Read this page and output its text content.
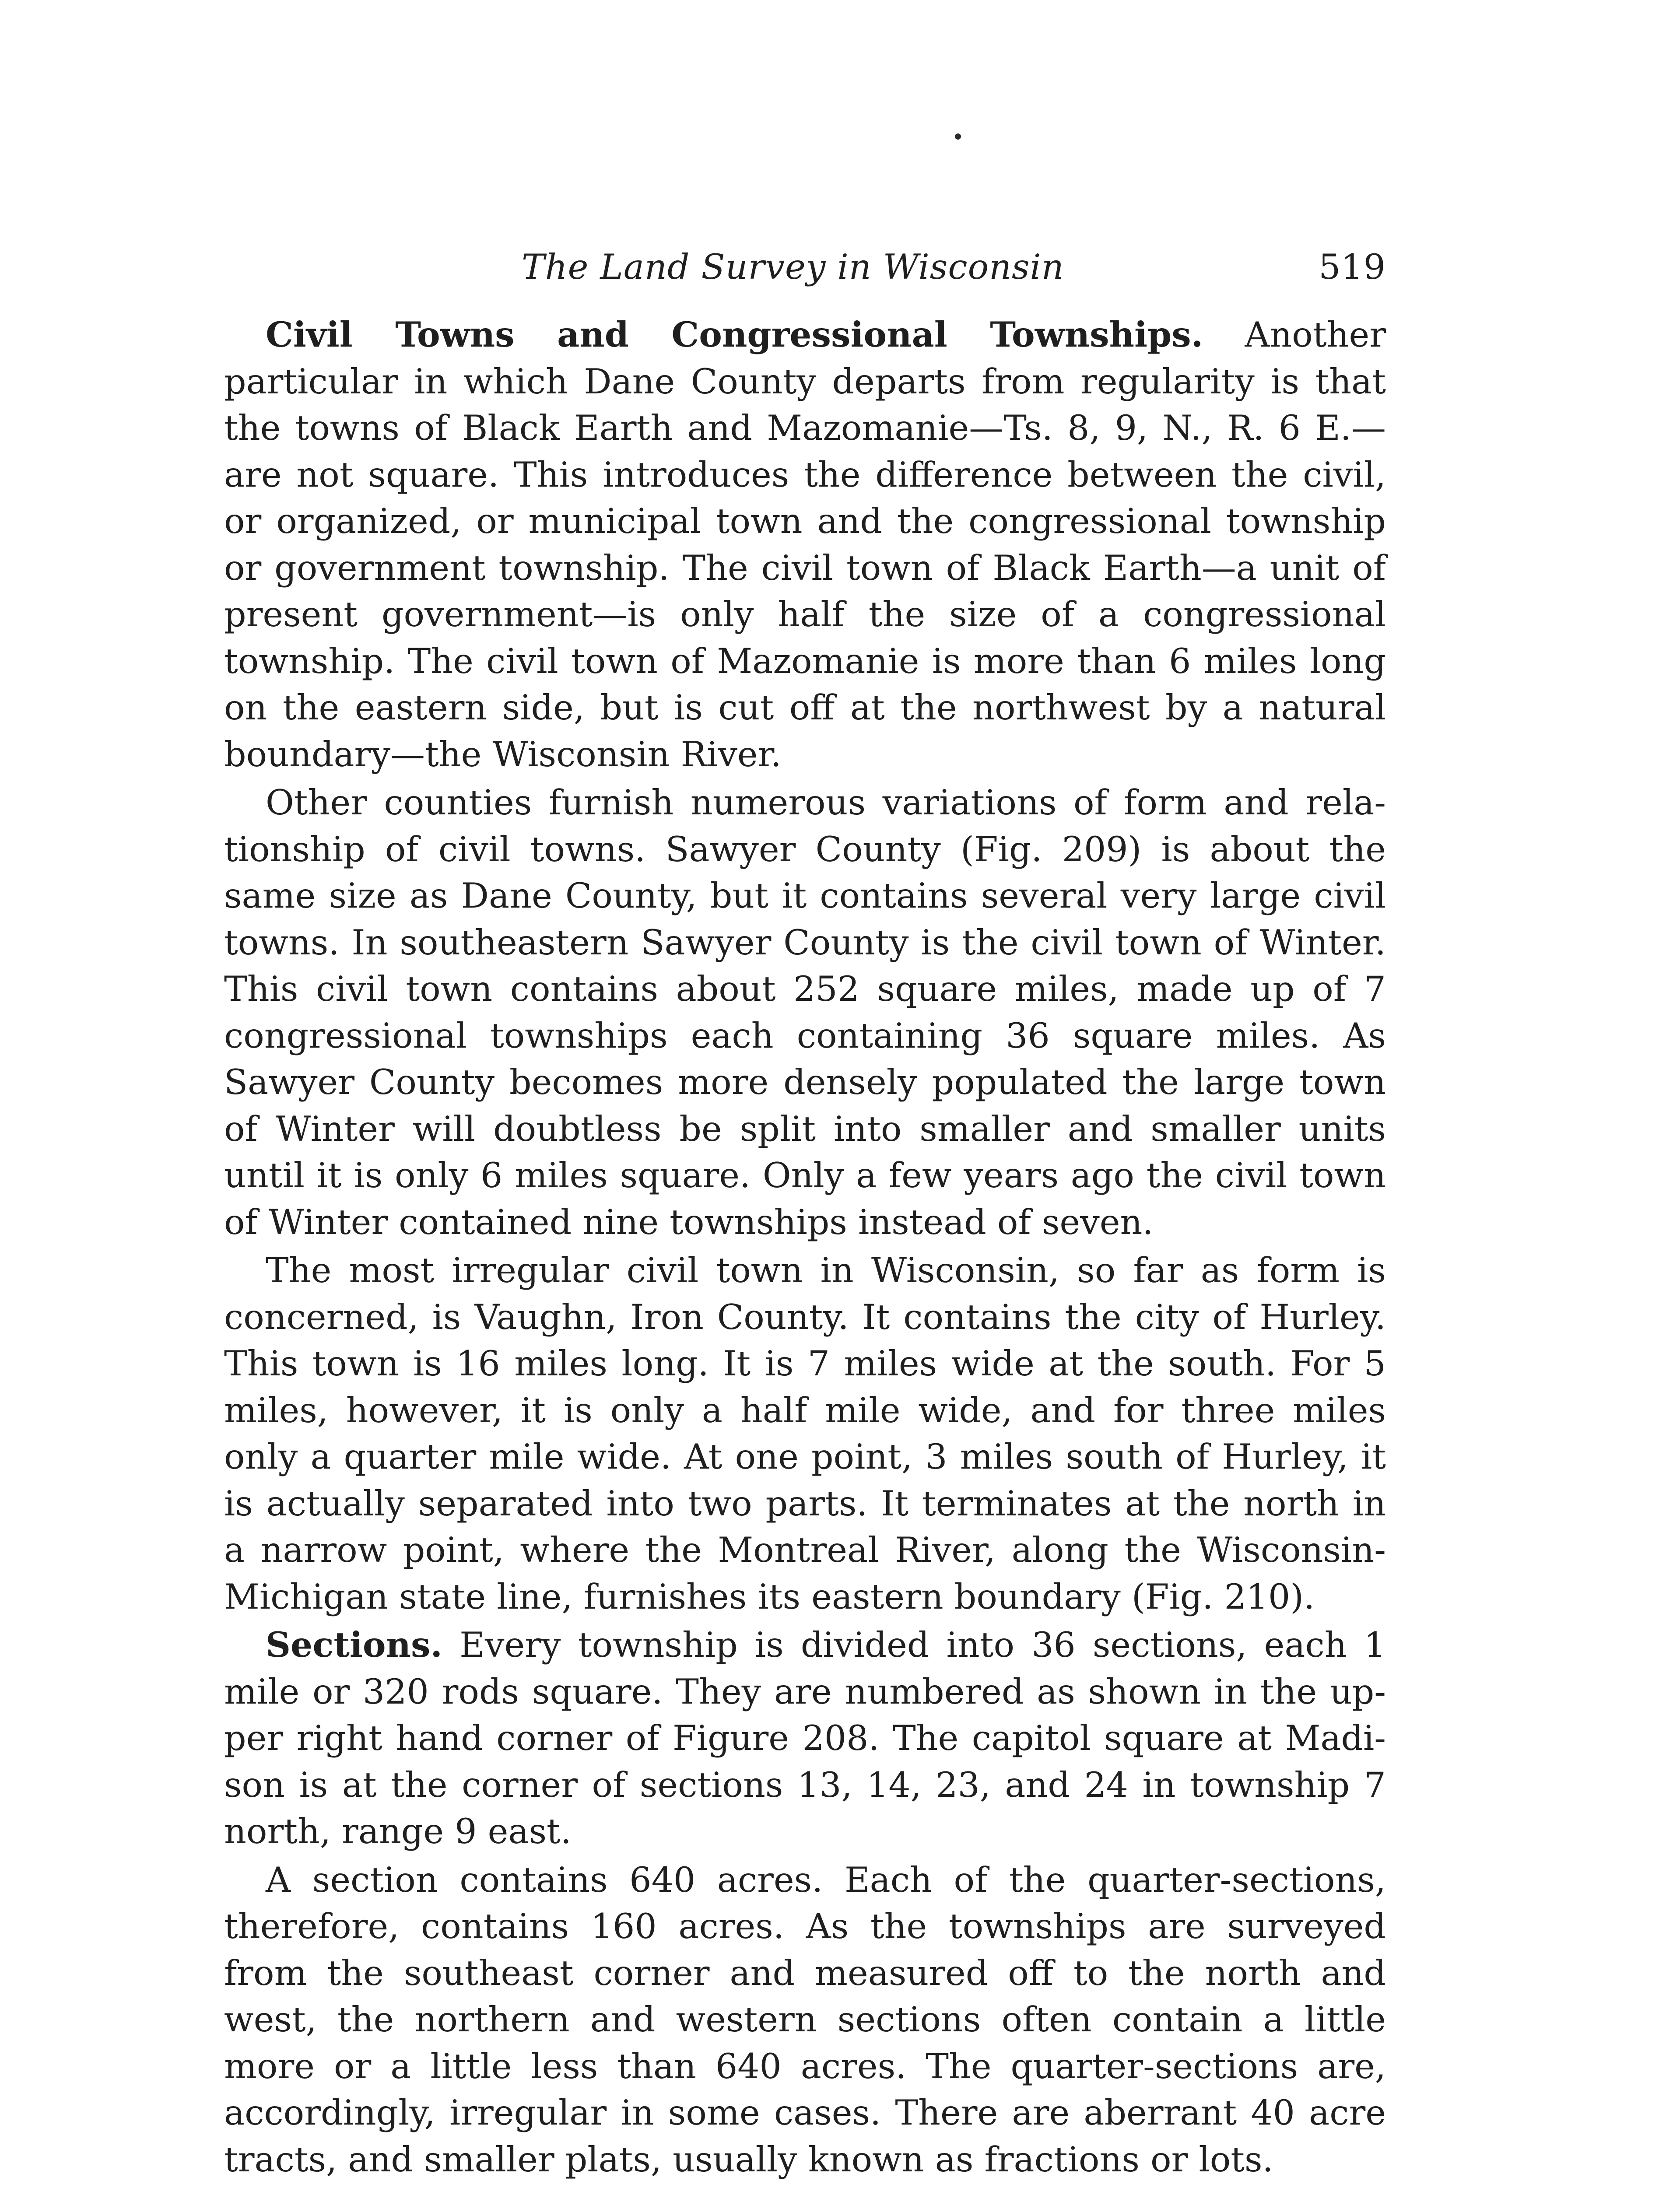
The Land Survey in Wisconsin	519

Civil Towns and Congressional Townships. Another particular in which Dane County departs from regularity is that the towns of Black Earth and Mazomanie—Ts. 8, 9, N., R. 6 E.—are not square. This introduces the difference between the civil, or organized, or municipal town and the congressional township or government township. The civil town of Black Earth—a unit of present government—is only half the size of a congressional township. The civil town of Mazomanie is more than 6 miles long on the eastern side, but is cut off at the northwest by a natural boundary—the Wisconsin River.

Other counties furnish numerous variations of form and relationship of civil towns. Sawyer County (Fig. 209) is about the same size as Dane County, but it contains several very large civil towns. In southeastern Sawyer County is the civil town of Winter. This civil town contains about 252 square miles, made up of 7 congressional townships each containing 36 square miles. As Sawyer County becomes more densely populated the large town of Winter will doubtless be split into smaller and smaller units until it is only 6 miles square. Only a few years ago the civil town of Winter contained nine townships instead of seven.

The most irregular civil town in Wisconsin, so far as form is concerned, is Vaughn, Iron County. It contains the city of Hurley. This town is 16 miles long. It is 7 miles wide at the south. For 5 miles, however, it is only a half mile wide, and for three miles only a quarter mile wide. At one point, 3 miles south of Hurley, it is actually separated into two parts. It terminates at the north in a narrow point, where the Montreal River, along the Wisconsin-Michigan state line, furnishes its eastern boundary (Fig. 210).

Sections. Every township is divided into 36 sections, each 1 mile or 320 rods square. They are numbered as shown in the upper right hand corner of Figure 208. The capitol square at Madison is at the corner of sections 13, 14, 23, and 24 in township 7 north, range 9 east.

A section contains 640 acres. Each of the quarter-sections, therefore, contains 160 acres. As the townships are surveyed from the southeast corner and measured off to the north and west, the northern and western sections often contain a little more or a little less than 640 acres. The quarter-sections are, accordingly, irregular in some cases. There are aberrant 40 acre tracts, and smaller plats, usually known as fractions or lots.
